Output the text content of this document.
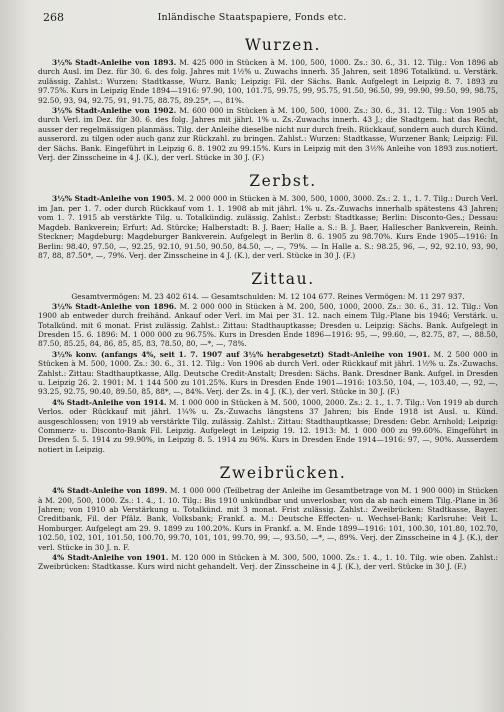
268	Inländische Staatspapiere, Fonds etc.
Wurzen.

3½% Stadt-Anleihe von 1893. M. 425 000 in Stücken à M. 100, 500, 1000. Zs.: 30. 6., 31. 12. Tilg.: Von 1896 ab durch Ausl. im Dez. für 30. 6. des folg. Jahres mit 1½% u. Zuwachs innerh. 35 Jahren, seit 1896 Totalkünd. u. Verstärk. zulässig. Zahlst.: Wurzen: Stadtkasse, Wurz. Bank; Leipzig: Fil. der Sächs. Bank. Aufgelegt in Leipzig 8. 7. 1893 zu 97.75%. Kurs in Leipzig Ende 1894—1916: 97.90, 100, 101.75, 99.75, 99, 95.75, 91.50, 96.50, 99, 99.90, 99.50, 99, 98.75, 92.50, 93, 94, 92.75, 91, 91.75, 88.75, 89.25*, —, 81%.

3½% Stadt-Anleihe von 1902. M. 600 000 in Stücken à M. 100, 500, 1000. Zs.: 30. 6., 31. 12. Tilg.: Von 1905 ab durch Verl. im Dez. für 30. 6. des folg. Jahres mit jährl. 1% u. Zs.-Zuwachs innerh. 43 J.; die Stadtgem. hat das Recht, ausser der regelmässigen planmäss. Tilg. der Anleihe dieselbe nicht nur durch freih. Rückkauf, sondern auch durch Künd. ausserord. zu tilgen oder auch ganz zur Rückzahl. zu bringen. Zahlst.: Wurzen: Stadtkasse, Wurzener Bank; Leipzig: Fil. der Sächs. Bank. Eingeführt in Leipzig 6. 8. 1902 zu 99.15%. Kurs in Leipzig mit den 3½% Anleihe von 1893 zus.notiert. Verj. der Zinsscheine in 4 J. (K.), der verl. Stücke in 30 J. (F.)

Zerbst.

3½% Stadt-Anleihe von 1905. M. 2 000 000 in Stücken à M. 300, 500, 1000, 3000. Zs.: 2. 1., 1. 7. Tilg.: Durch Verl. im Jan. per 1. 7. oder durch Rückkauf vom 1. 1. 1908 ab mit jährl. 1% u. Zs.-Zuwachs innerhalb spätestens 43 Jahren; vom 1. 7. 1915 ab verstärkte Tilg. u. Totalkündig. zulässig. Zahlst.: Zerbst: Stadtkasse; Berlin: Disconto-Ges.; Dessau: Magdeb. Bankverein; Erfurt: Ad. Stürcke; Halberstadt: B. J. Baer; Halle a. S.: B. J. Baer, Hallescher Bankverein, Reinh. Steckner; Magdeburg: Magdeburger Bankverein. Aufgelegt in Berlin 8. 6. 1905 zu 98.70%. Kurs Ende 1905—1916: In Berlin: 98.40, 97.50, —, 92.25, 92.10, 91.50, 90.50, 84.50, —, —, 79%. — In Halle a. S.: 98.25, 96, —, 92, 92.10, 93, 90, 87, 88, 87.50*, —, 79%. Verj. der Zinsscheine in 4 J. (K.), der verl. Stücke in 30 J. (F.)

Zittau.

Gesamtvermögen: M. 23 402 614. — Gesamtschulden: M. 12 104 677. Reines Vermögen: M. 11 297 937.

3½% Stadt-Anleihe von 1896. M. 2 000 000 in Stücken à M. 200, 500, 1000, 2000. Zs.: 30. 6., 31. 12. Tilg.: Von 1900 ab entweder durch freihänd. Ankauf oder Verl. im Mai per 31. 12. nach einem Tilg.-Plane bis 1946; Verstärk. u. Totalkünd. mit 6 monat. Frist zulässig. Zahlst.: Zittau: Stadthauptkasse; Dresden u. Leipzig: Sächs. Bank. Aufgelegt in Dresden 15. 6. 1896: M. 1 000 000 zu 96.75%. Kurs in Dresden Ende 1896—1916: 95, —, 99.60, —, 82.75, 87, —, 88.50, 87.50, 85.25, 84, 86, 85, 85, 83, 78.50, 80, —*, —, 78%.

3½% konv. (anfangs 4%, seit 1. 7. 1907 auf 3½% herabgesetzt) Stadt-Anleihe von 1901. M. 2 500 000 in Stücken à M. 500, 1000. Zs.: 30. 6., 31. 12. Tilg.: Von 1906 ab durch Verl. oder Rückkauf mit jährl. 1½% u. Zs.-Zuwachs. Zahlst.: Zittau: Stadthauptkasse, Allg. Deutsche Credit-Anstalt; Dresden: Sächs. Bank. Dresdner Bank. Aufgel. in Dresden u. Leipzig 26. 2. 1901: M. 1 144 500 zu 101.25%. Kurs in Dresden Ende 1901—1916: 103.50, 104, —, 103.40, —, 92, —, 93.25, 92.75, 90.40, 89.50, 85, 88*, —, 84%. Verj. der Zs. in 4 J. (K.), der verl. Stücke in 30 J. (F.)

4% Stadt-Anleihe von 1914. M. 1 000 000 in Stücken à M. 500, 1000, 2000. Zs.: 2. 1., 1. 7. Tilg.: Von 1919 ab durch Verlos. oder Rückkauf mit jährl. 1¼% u. Zs.-Zuwachs längstens 37 Jahren; bis Ende 1918 ist Ausl. u. Künd. ausgeschlossen; von 1919 ab verstärkte Tilg. zulässig. Zahlst.: Zittau: Stadthauptkasse; Dresden: Gebr. Arnhold; Leipzig: Commerz- u. Disconto-Bank Fil. Leipzig. Aufgelegt in Leipzig 19. 12. 1913: M. 1 000 000 zu 99.60%. Eingeführt in Dresden 5. 5. 1914 zu 99.90%, in Leipzig 8. 5. 1914 zu 96%. Kurs in Dresden Ende 1914—1916: 97, —, 90%. Ausserdem notiert in Leipzig.

Zweibrücken.

4% Stadt-Anleihe von 1899. M. 1 000 000 (Teilbetrag der Anleihe im Gesamtbetrage von M. 1 900 000) in Stücken à M. 200, 500, 1000. Zs.: 1. 4., 1. 10. Tilg.: Bis 1910 unkündbar und unverlosbar, von da ab nach einem Tilg.-Plane in 36 Jahren; von 1910 ab Verstärkung u. Totalkünd. mit 3 monat. Frist zulässig. Zahlst.: Zweibrücken: Stadtkasse, Bayer. Creditbank, Fil. der Pfälz. Bank, Volksbank; Frankf. a. M.: Deutsche Effecten- u. Wechsel-Bank; Karlsruhe: Veit L. Homburger. Aufgelegt am 29. 9. 1899 zu 100.20%. Kurs in Frankf. a. M. Ende 1899—1916: 101, 100.30, 101.80, 102.70, 102.50, 102, 101, 101.50, 100.70, 99.70, 101, 101, 99.70, 99, —, 93.50, —*, —, 89%. Verj. der Zinsscheine in 4 J. (K.), der verl. Stücke in 30 J. n. F.

4% Stadt-Anleihe von 1901. M. 120 000 in Stücken à M. 300, 500, 1000. Zs.: 1. 4., 1. 10. Tilg. wie oben. Zahlst.: Zweibrücken: Stadtkasse. Kurs wird nicht gehandelt. Verj. der Zinsscheine in 4 J. (K.), der verl. Stücke in 30 J. (F.)
